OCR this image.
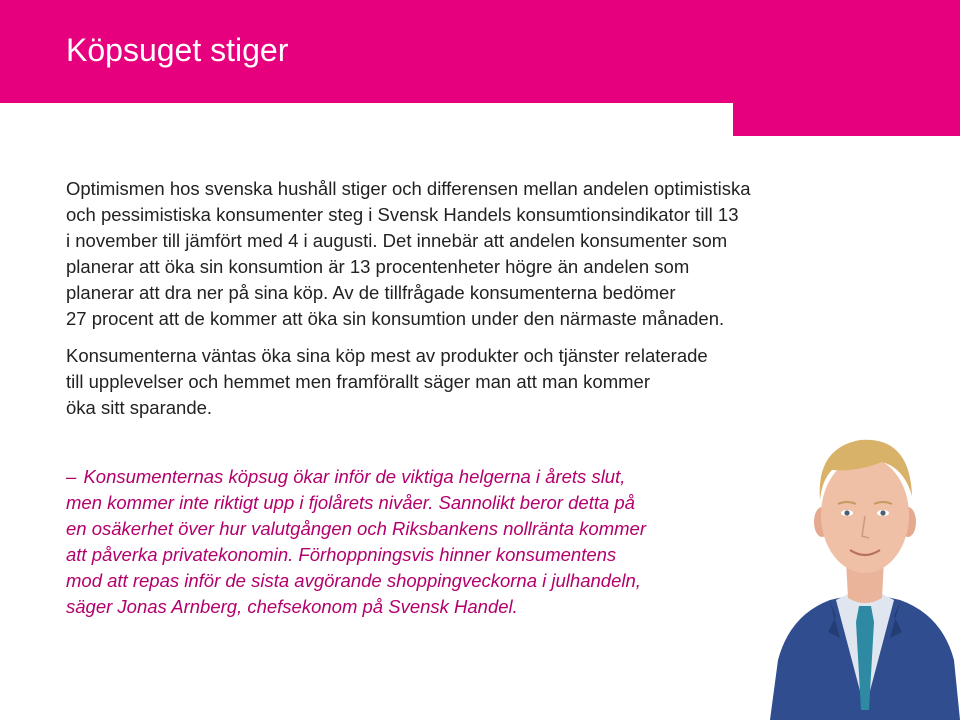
Köpsuget stiger

Optimismen hos svenska hushåll stiger och differensen mellan andelen optimistiska
och pessimistiska konsumenter steg i Svensk Handels konsumtionsindikator till 13
i november till jämfört med 4 i augusti. Det innebär att andelen konsumenter som
planerar att öka sin konsumtion är 13 procentenheter högre än andelen som
planerar att dra ner på sina köp. Av de tillfrågade konsumenterna bedömer
27 procent att de kommer att öka sin konsumtion under den närmaste månaden.

Konsumenterna väntas öka sina köp mest av produkter och tjänster relaterade
till upplevelser och hemmet men framförallt säger man att man kommer
öka sitt sparande.

– Konsumenternas köpsug ökar inför de viktiga helgerna i årets slut,
men kommer inte riktigt upp i fjolårets nivåer. Sannolikt beror detta på
en osäkerhet över hur valutgången och Riksbankens nollränta kommer
att påverka privatekonomin. Förhoppningsvis hinner konsumentens
mod att repas inför de sista avgörande shoppingveckorna i julhandeln,
säger Jonas Arnberg, chefsekonom på Svensk Handel.
